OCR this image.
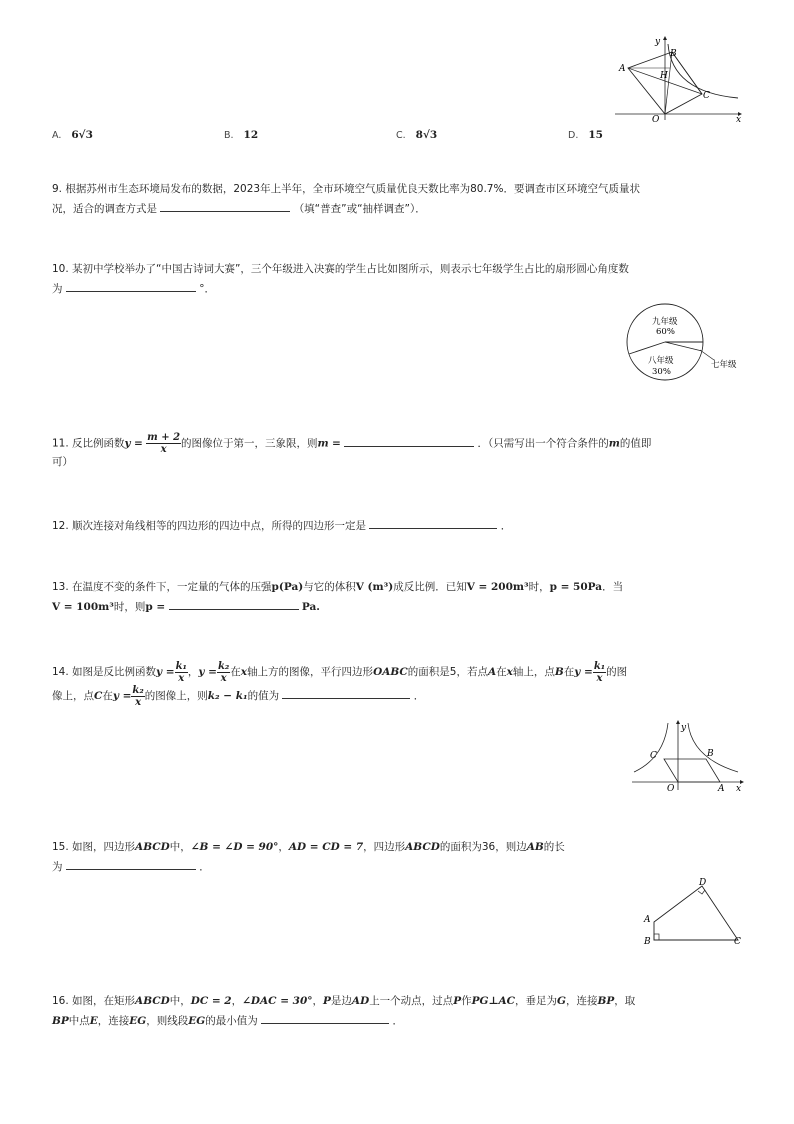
y
B
A
H
C
O	x
A. 6√3	B. 12	C. 8√3	D. 15
9. 根据苏州市生态环境局发布的数据，2023年上半年，全市环境空气质量优良天数比率为80.7%．要调查市区环境空气质量状
况，适合的调查方式是	（填“普查”或“抽样调查”）．
10. 某初中学校举办了“中国古诗词大赛”，三个年级进入决赛的学生占比如图所示，则表示七年级学生占比的扇形圆心角度数
为	°．
九年级
60%
八年级
30%
七年级
11. 反比例函数$y = \frac{m + 2}{x}$ 的图像位于第一，三象限，则m =	．（只需写出一个符合条件的m的值即
可）
12. 顺次连接对角线相等的四边形的四边中点，所得的四边形一定是	．
13. 在温度不变的条件下，一定量的气体的压强p(Pa)与它的体积V (m³)成反比例．已知V = 200m³时，p = 50Pa．当
V = 100m³时，则p =	Pa.
14. 如图是反比例函数$y = \frac{\text{k₁}}{x}$ ，$y = \frac{\text{k₂}}{x}$ 在x轴上方的图像，平行四边形OABC的面积是5，若点A在x轴上，点B在$y = \frac{\text{k₁}}{x}$ 的图
像上，点C在$y = \frac{\text{k₂}}{x}$ 的图像上，则k₂ − k₁的值为	．
y
C	B
O	A x
15. 如图，四边形ABCD中，∠B = ∠D = 90°，AD = CD = 7，四边形ABCD的面积为36，则边AB的长
为	．
D
A
B	C
16. 如图，在矩形ABCD中，DC = 2，∠DAC = 30°，P是边AD上一个动点，过点P作PG⊥AC，垂足为G，连接BP，取
BP中点E，连接EG，则线段EG的最小值为	．
